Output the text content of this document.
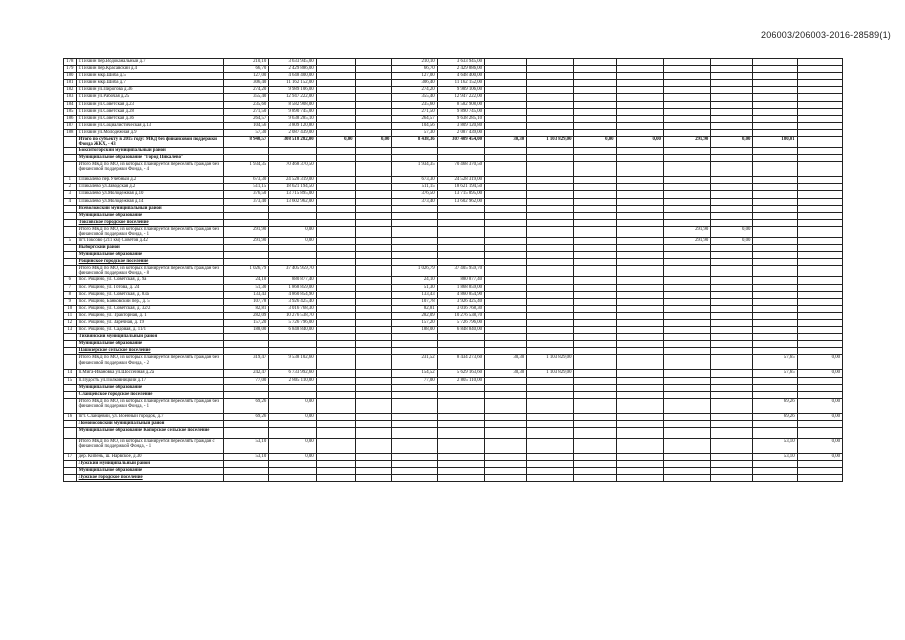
206003/206003-2016-28589(1)
178	г.Тихвин пер.Водоканальный д.7	210,10	3 633 945,00			210,10	3 633 945,00								
179	г.Тихвин пер.Красавский д.4	66,70	2 429 886,00			66,70	2 429 886,00								
180	г.Тихвин мкр.Шиба д.5	127,00	4 648 400,00			127,00	4 648 400,00								
181	г.Тихвин мкр.Шиба д.7	306,40	11 162 152,00			306,40	11 162 152,00								
182	г.Тихвин ул.Пирогова д.36	274,20	9 989 106,00			274,20	9 989 106,00								
183	г.Тихвин ул.Рабочая д.25	355,40	12 947 222,00			355,40	12 947 222,00								
184	г.Тихвин ул.Советская д.23	235,60	8 582 908,00			235,60	8 582 908,00								
185	г.Тихвин ул.Советская д.28	271,50	9 890 745,00			271,50	9 890 745,00								
186	г.Тихвин ул.Советская д.36	264,57	9 638 285,10			264,57	9 638 285,10								
187	г.Тихвин ул.Социалистическая д.13	104,56	3 809 120,80			104,56	3 809 120,80								
188	г.Тихвин ул.Молодежная д.9	57,30	2 087 439,00			57,30	2 087 439,00								
	Итого по субъекту в 2015 году: МКД без финансовой поддержки Фонда ЖКХ, - 43	8 940,57	308 518 282,00	0,00	0,00	8 438,36	307 409 454,00	30,30	1 103 829,00	0,00	0,00	291,90	0,00	180,01	
	Бокситогорский муниципальный район														
	Муниципальное образование "Город Пикалево"														
	Итого МКД по МО, из которых планируется переселять граждан без финансовой поддержки Фонда, - 4	1 934,35	70 468 370,50			1 934,35	70 468 370,50								
1	г.Пикалево пер.Учебный д.2	673,30	24 528 319,00			673,30	24 528 319,00								
2	г.Пикалево ул.Заводская д.2	511,15	18 621 194,50			511,15	18 621 194,50								
3	г.Пикалево ул.Молодежная д.10	376,50	13 715 895,00			376,50	13 715 895,00								
4	г.Пикалево ул.Молодежная д.14	373,40	13 602 962,00			373,40	13 602 962,00								
	Всеволожский муниципальный район														
	Муниципальное образование														
	Токсовское городское поселение														
	Итого МКД по МО, из которых планируется переселять граждан без финансовой поддержки Фонда, - 1	291,90	0,00									291,90	0,00		
5	пгт.Токсово (211 км) Советов д.42	291,90	0,00									291,90	0,00		
	Выборгский район														
	Муниципальное образование														
	Рощинское городское поселение														
	Итого МКД по МО, из которых планируется переселять граждан без финансовой поддержки Фонда, - 8	1 026,79	37 405 959,70			1 026,79	37 405 959,70								
6	пос. Рощино, ул. Советская, д. 9а	24,10	880 877,40			24,10	880 877,40								
7	пос. Рощино, ул. Готова, д. 24	51,30	1 868 859,00			51,30	1 868 859,00								
8	пос. Рощино, ул. Советская, д. 83а	133,43	4 860 854,90			133,43	4 860 854,90								
9	пос. Рощино, Банковский пер., д. 5	107,78	3 926 425,40			107,78	3 926 425,40								
10	пос. Рощино, ул. Советская, д. 32/2	82,81	3 016 768,30			82,81	3 016 768,30								
11	пос. Рощино, ул. Тракторная, д. 1	282,09	10 276 538,70			282,09	10 276 538,70								
12	пос. Рощино, ул. Заречная, д. 19	157,20	5 726 796,00			157,20	5 726 796,00								
13	пос. Рощино, ул. Садовая, д. 11/1	188,00	6 848 840,00			188,00	6 848 840,00								
	Тихвинский муниципальный район														
	Муниципальное образование														
	Пашозерское сельское поселение														
	Итого МКД по МО, из которых планируется переселять граждан без финансовой поддержки Фонда, - 2	319,47	9 538 102,60			231,52	8 434 273,60	30,30	1 103 829,00					57,65	0,00
14	п.Мига-Ивановка ул.Шоссейная д.2а	242,47	6 733 992,60			154,52	5 629 163,60	30,30	1 103 829,00					57,65	0,00
15	п.Пудость ул.Полковницкий д.17	77,00	2 805 110,00			77,00	2 805 110,00								
	Муниципальное образование														
	Сланцевское городское поселение														
	Итого МКД по МО, из которых планируется переселять граждан без финансовой поддержки Фонда, - 1	69,26	0,00											69,26	0,00
16	пгт. Сланцевий, ул. Военный городок, д.7	69,26	0,00											69,26	0,00
	Ломоносовский муниципальный район														
	Муниципальное образование Копорское сельское поселение														
	Итого МКД по МО, из которых планируется переселять граждан с финансовой поддержкой Фонда, - 1	53,10	0,00											53,10	0,00
17	дер. Кипень, ш. Нарвское, д.30	53,10	0,00											53,10	0,00
	Лужский муниципальный район														
	Муниципальное образование														
	Лужское городское поселение														
